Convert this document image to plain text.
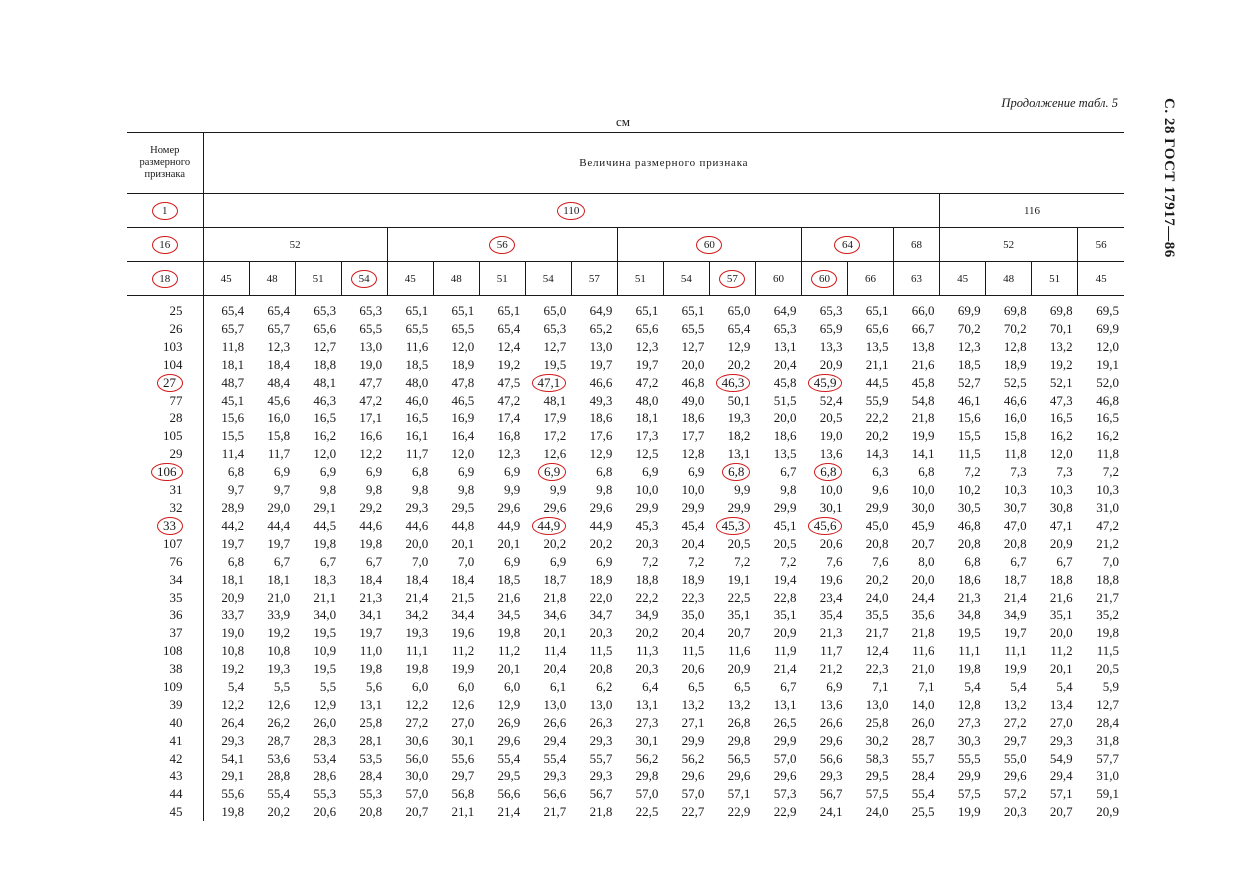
Продолжение табл. 5	С. 28 ГОСТ 17917—86
см
Номер размерного признака	Величина размерного признака																			
1	110																116			
16	52				56					60				64		68	52			56
18	45	48	51	54	45	48	51	54	57	51	54	57	60	60	66	63	45	48	51	45
25	65,4	65,4	65,3	65,3	65,1	65,1	65,1	65,0	64,9	65,1	65,1	65,0	64,9	65,3	65,1	66,0	69,9	69,8	69,8	69,5
26	65,7	65,7	65,6	65,5	65,5	65,5	65,4	65,3	65,2	65,6	65,5	65,4	65,3	65,9	65,6	66,7	70,2	70,2	70,1	69,9
103	11,8	12,3	12,7	13,0	11,6	12,0	12,4	12,7	13,0	12,3	12,7	12,9	13,1	13,3	13,5	13,8	12,3	12,8	13,2	12,0
104	18,1	18,4	18,8	19,0	18,5	18,9	19,2	19,5	19,7	19,7	20,0	20,2	20,4	20,9	21,1	21,6	18,5	18,9	19,2	19,1
27	48,7	48,4	48,1	47,7	48,0	47,8	47,5	47,1	46,6	47,2	46,8	46,3	45,8	45,9	44,5	45,8	52,7	52,5	52,1	52,0
77	45,1	45,6	46,3	47,2	46,0	46,5	47,2	48,1	49,3	48,0	49,0	50,1	51,5	52,4	55,9	54,8	46,1	46,6	47,3	46,8
28	15,6	16,0	16,5	17,1	16,5	16,9	17,4	17,9	18,6	18,1	18,6	19,3	20,0	20,5	22,2	21,8	15,6	16,0	16,5	16,5
105	15,5	15,8	16,2	16,6	16,1	16,4	16,8	17,2	17,6	17,3	17,7	18,2	18,6	19,0	20,2	19,9	15,5	15,8	16,2	16,2
29	11,4	11,7	12,0	12,2	11,7	12,0	12,3	12,6	12,9	12,5	12,8	13,1	13,5	13,6	14,3	14,1	11,5	11,8	12,0	11,8
106	6,8	6,9	6,9	6,9	6,8	6,9	6,9	6,9	6,8	6,9	6,9	6,8	6,7	6,8	6,3	6,8	7,2	7,3	7,3	7,2
31	9,7	9,7	9,8	9,8	9,8	9,8	9,9	9,9	9,8	10,0	10,0	9,9	9,8	10,0	9,6	10,0	10,2	10,3	10,3	10,3
32	28,9	29,0	29,1	29,2	29,3	29,5	29,6	29,6	29,6	29,9	29,9	29,9	29,9	30,1	29,9	30,0	30,5	30,7	30,8	31,0
33	44,2	44,4	44,5	44,6	44,6	44,8	44,9	44,9	44,9	45,3	45,4	45,3	45,1	45,6	45,0	45,9	46,8	47,0	47,1	47,2
107	19,7	19,7	19,8	19,8	20,0	20,1	20,1	20,2	20,2	20,3	20,4	20,5	20,5	20,6	20,8	20,7	20,8	20,8	20,9	21,2
76	6,8	6,7	6,7	6,7	7,0	7,0	6,9	6,9	6,9	7,2	7,2	7,2	7,2	7,6	7,6	8,0	6,8	6,7	6,7	7,0
34	18,1	18,1	18,3	18,4	18,4	18,4	18,5	18,7	18,9	18,8	18,9	19,1	19,4	19,6	20,2	20,0	18,6	18,7	18,8	18,8
35	20,9	21,0	21,1	21,3	21,4	21,5	21,6	21,8	22,0	22,2	22,3	22,5	22,8	23,4	24,0	24,4	21,3	21,4	21,6	21,7
36	33,7	33,9	34,0	34,1	34,2	34,4	34,5	34,6	34,7	34,9	35,0	35,1	35,1	35,4	35,5	35,6	34,8	34,9	35,1	35,2
37	19,0	19,2	19,5	19,7	19,3	19,6	19,8	20,1	20,3	20,2	20,4	20,7	20,9	21,3	21,7	21,8	19,5	19,7	20,0	19,8
108	10,8	10,8	10,9	11,0	11,1	11,2	11,2	11,4	11,5	11,3	11,5	11,6	11,9	11,7	12,4	11,6	11,1	11,1	11,2	11,5
38	19,2	19,3	19,5	19,8	19,8	19,9	20,1	20,4	20,8	20,3	20,6	20,9	21,4	21,2	22,3	21,0	19,8	19,9	20,1	20,5
109	5,4	5,5	5,5	5,6	6,0	6,0	6,0	6,1	6,2	6,4	6,5	6,5	6,7	6,9	7,1	7,1	5,4	5,4	5,4	5,9
39	12,2	12,6	12,9	13,1	12,2	12,6	12,9	13,0	13,0	13,1	13,2	13,2	13,1	13,6	13,0	14,0	12,8	13,2	13,4	12,7
40	26,4	26,2	26,0	25,8	27,2	27,0	26,9	26,6	26,3	27,3	27,1	26,8	26,5	26,6	25,8	26,0	27,3	27,2	27,0	28,4
41	29,3	28,7	28,3	28,1	30,6	30,1	29,6	29,4	29,3	30,1	29,9	29,8	29,9	29,6	30,2	28,7	30,3	29,7	29,3	31,8
42	54,1	53,6	53,4	53,5	56,0	55,6	55,4	55,4	55,7	56,2	56,2	56,5	57,0	56,6	58,3	55,7	55,5	55,0	54,9	57,7
43	29,1	28,8	28,6	28,4	30,0	29,7	29,5	29,3	29,3	29,8	29,6	29,6	29,6	29,3	29,5	28,4	29,9	29,6	29,4	31,0
44	55,6	55,4	55,3	55,3	57,0	56,8	56,6	56,6	56,7	57,0	57,0	57,1	57,3	56,7	57,5	55,4	57,5	57,2	57,1	59,1
45	19,8	20,2	20,6	20,8	20,7	21,1	21,4	21,7	21,8	22,5	22,7	22,9	22,9	24,1	24,0	25,5	19,9	20,3	20,7	20,9
